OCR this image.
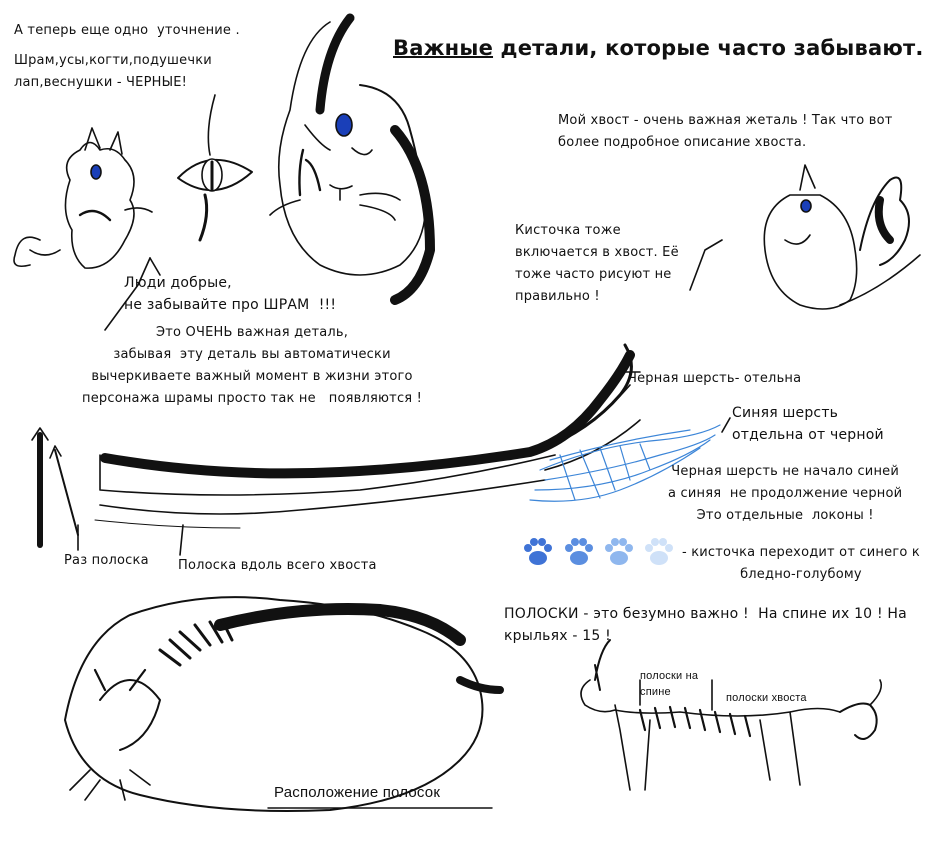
Важные детали, которые часто забывают.
А теперь еще одно  уточнение .
Шрам,усы,когти,подушечки
лап,веснушки - ЧЕРНЫЕ!
Люди добрые,
не забывайте про ШРАМ  !!!
Это ОЧЕНЬ важная деталь,
забывая  эту деталь вы автоматически
вычеркиваете важный момент в жизни этого
персонажа шрамы просто так не   появляются !
Мой хвост - очень важная жеталь ! Так что вот
более подробное описание хвоста.
Кисточка тоже
включается в хвост. Её
тоже часто рисуют не
правильно !
Черная шерсть- отельна
Синяя шерсть
отдельна от черной
Черная шерсть не начало синей
а синяя  не продолжение черной
Это отдельные  локоны !
Раз полоска Полоска вдоль всего хвоста
- кисточка переходит от синего к
бледно-голубому
ПОЛОСКИ - это безумно важно !  На спине их 10 ! На
крыльях - 15 !
полоски на
спине	полоски хвоста
Расположение полосок
